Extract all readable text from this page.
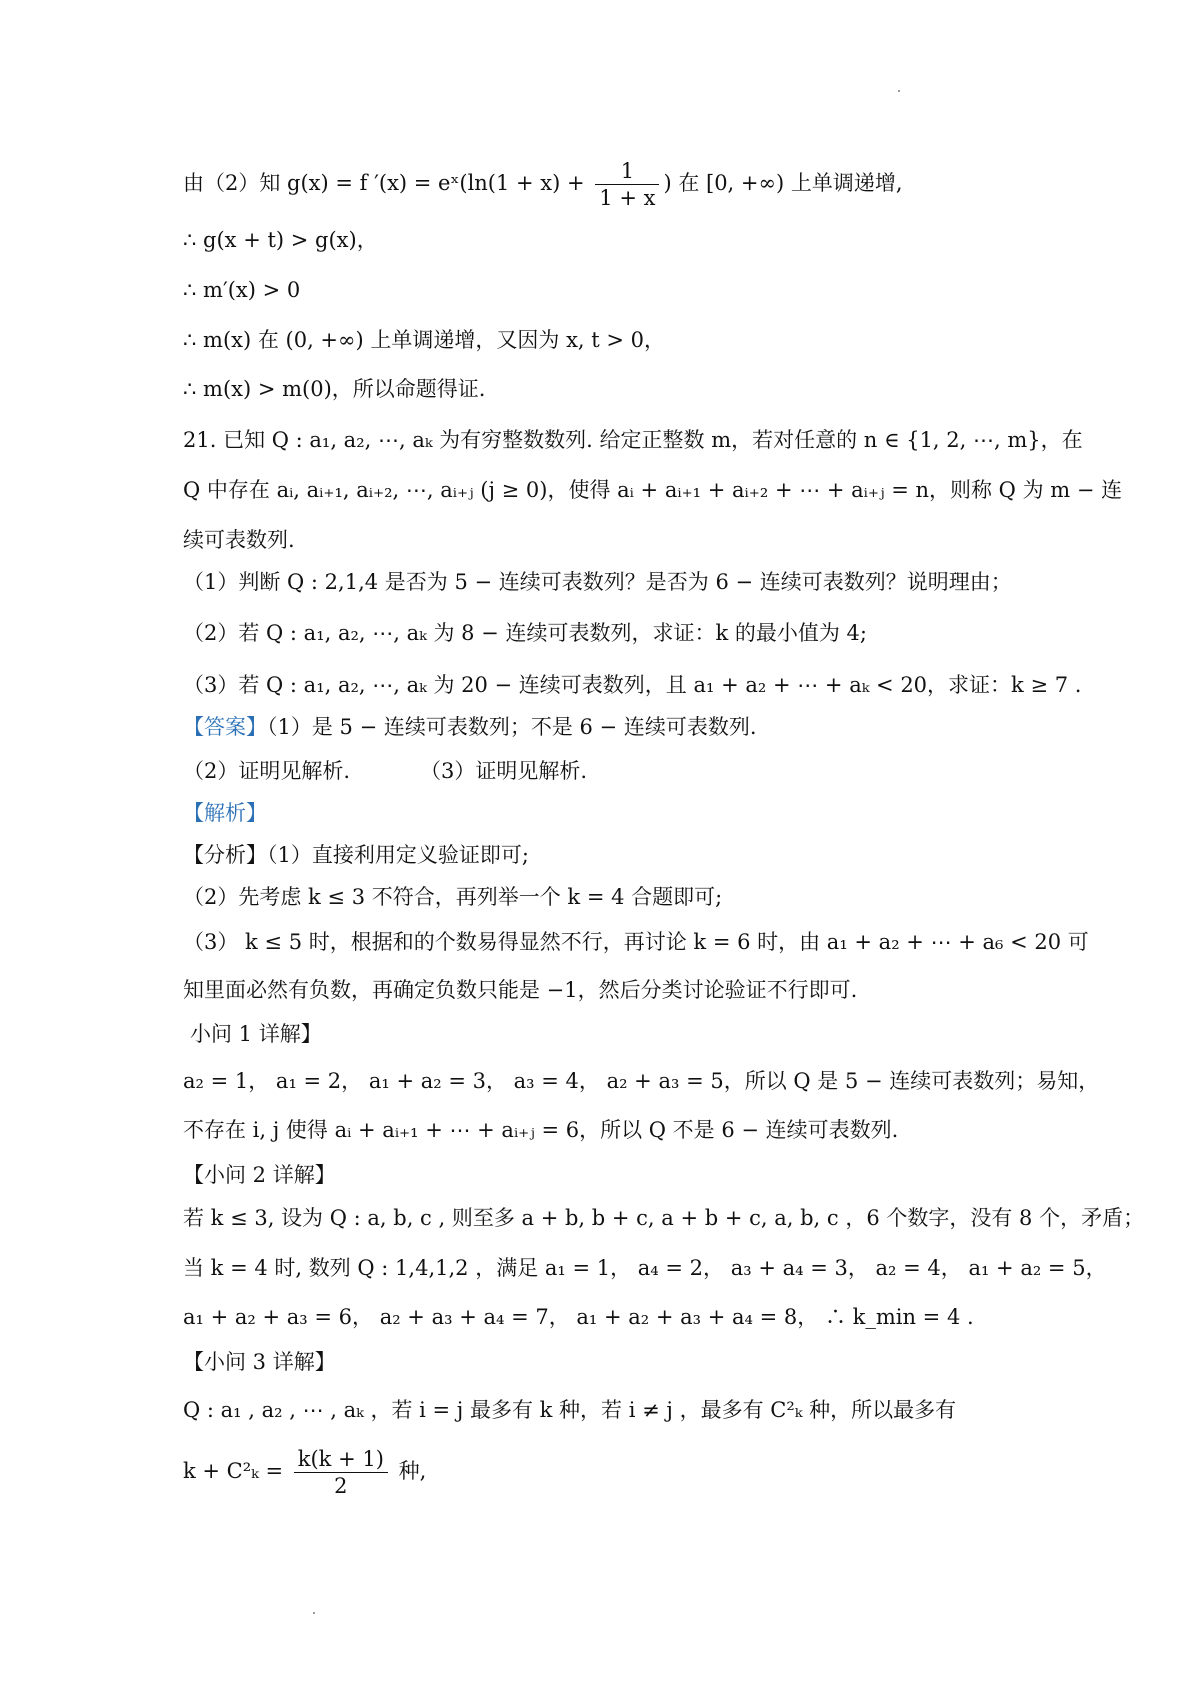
由（2）知 g(x) = f ′(x) = eˣ(ln(1 + $x) + \frac{1}{1 + x}$ ) 在 [0, +∞) 上单调递增,
∴ g(x + t) > g(x)，
∴ m′(x) > 0
∴ m(x) 在 (0, +∞) 上单调递增，又因为 x, t > 0，
∴ m(x) > m(0)，所以命题得证.
21. 已知 Q : a₁, a₂, ⋯, aₖ 为有穷整数数列. 给定正整数 m，若对任意的 n ∈ {1, 2, ⋯, m}，在
Q 中存在 aᵢ, aᵢ₊₁, aᵢ₊₂, ⋯, aᵢ₊ⱼ (j ≥ 0)，使得 aᵢ + aᵢ₊₁ + aᵢ₊₂ + ⋯ + aᵢ₊ⱼ = n，则称 Q 为 m − 连
续可表数列.
（1）判断 Q : 2,1,4 是否为 5 − 连续可表数列？是否为 6 − 连续可表数列？说明理由；
（2）若 Q : a₁, a₂, ⋯, aₖ 为 8 − 连续可表数列，求证：k 的最小值为 4;
（3）若 Q : a₁, a₂, ⋯, aₖ 为 20 − 连续可表数列，且 a₁ + a₂ + ⋯ + aₖ < 20，求证：k ≥ 7 .
【答案】（1）是 5 − 连续可表数列；不是 6 − 连续可表数列.
（2）证明见解析.	（3）证明见解析.
【解析】
【分析】（1）直接利用定义验证即可;
（2）先考虑 k ≤ 3 不符合，再列举一个 k = 4 合题即可;
（3） k ≤ 5 时，根据和的个数易得显然不行，再讨论 k = 6 时，由 a₁ + a₂ + ⋯ + a₆ < 20 可
知里面必然有负数，再确定负数只能是 −1，然后分类讨论验证不行即可.
小问 1 详解】
a₂ = 1， a₁ = 2， a₁ + a₂ = 3， a₃ = 4， a₂ + a₃ = 5，所以 Q 是 5 − 连续可表数列；易知，
不存在 i, j 使得 aᵢ + aᵢ₊₁ + ⋯ + aᵢ₊ⱼ = 6，所以 Q 不是 6 − 连续可表数列.
【小问 2 详解】
若 k ≤ 3, 设为 Q : a, b, c , 则至多 a + b, b + c, a + b + c, a, b, c ，6 个数字，没有 8 个，矛盾；
当 k = 4 时, 数列 Q : 1,4,1,2 ，满足 a₁ = 1， a₄ = 2， a₃ + a₄ = 3， a₂ = 4， a₁ + a₂ = 5，
a₁ + a₂ + a₃ = 6， a₂ + a₃ + a₄ = 7， a₁ + a₂ + a₃ + a₄ = 8， ∴ k_min = 4 .
【小问 3 详解】
Q : a₁ , a₂ , ⋯ , aₖ ，若 i = j 最多有 k 种，若 i ≠ j ，最多有 C²ₖ 种，所以最多有
$k + C^2_k = \frac{k(k + 1)}{2}$ 种,
